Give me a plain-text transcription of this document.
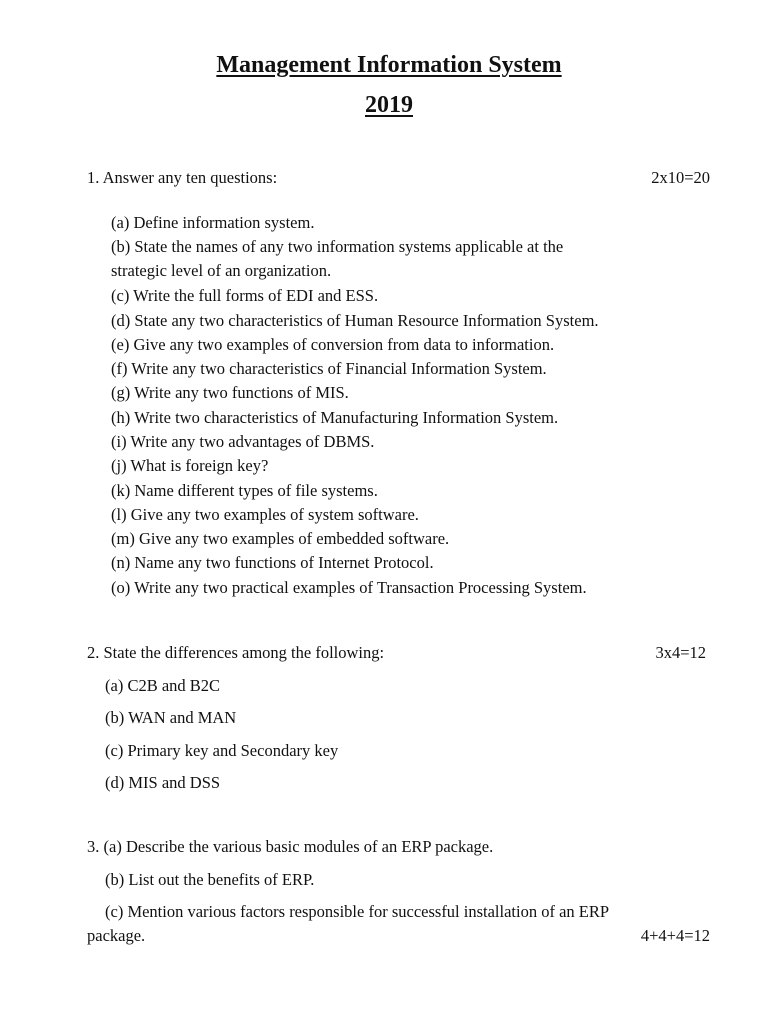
Management Information System
2019
1. Answer any ten questions:	2x10=20
(a) Define information system.
(b) State the names of any two information systems applicable at the
strategic level of an organization.
(c) Write the full forms of EDI and ESS.
(d) State any two characteristics of Human Resource Information System.
(e) Give any two examples of conversion from data to information.
(f) Write any two characteristics of Financial Information System.
(g) Write any two functions of MIS.
(h) Write two characteristics of Manufacturing Information System.
(i) Write any two advantages of DBMS.
(j) What is foreign key?
(k) Name different types of file systems.
(l) Give any two examples of system software.
(m) Give any two examples of embedded software.
(n) Name any two functions of Internet Protocol.
(o) Write any two practical examples of Transaction Processing System.
2. State the differences among the following:	3x4=12
(a) C2B and B2C
(b) WAN and MAN
(c) Primary key and Secondary key
(d) MIS and DSS
3. (a) Describe the various basic modules of an ERP package.
(b) List out the benefits of ERP.
(c) Mention various factors responsible for successful installation of an ERP
package.	4+4+4=12
